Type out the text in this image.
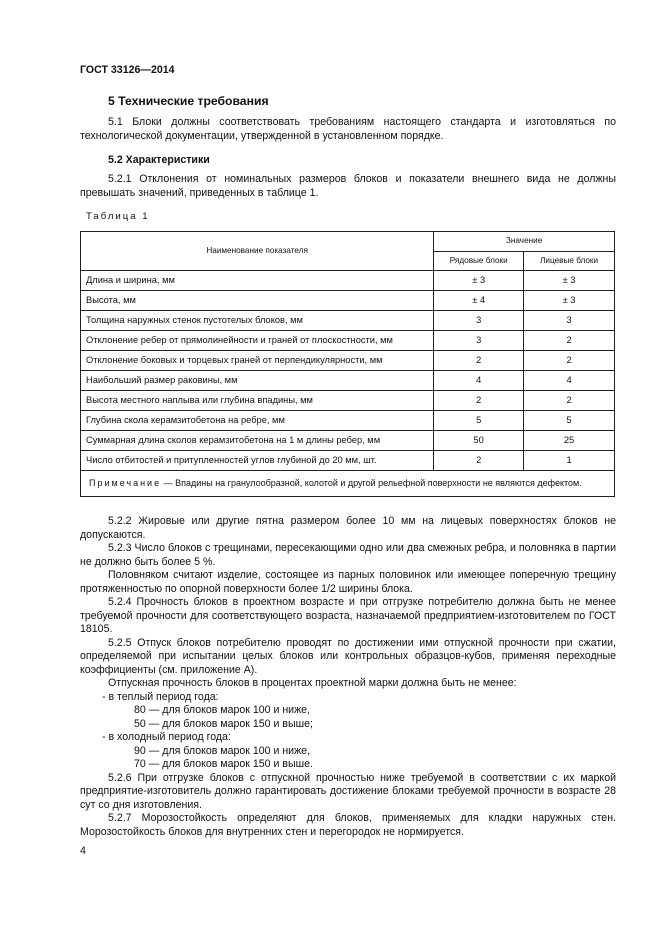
ГОСТ 33126—2014
5 Технические требования
5.1 Блоки должны соответствовать требованиям настоящего стандарта и изготовляться по технологической документации, утвержденной в установленном порядке.
5.2 Характеристики
5.2.1 Отклонения от номинальных размеров блоков и показатели внешнего вида не должны превышать значений, приведенных в таблице 1.
Таблица 1
Наименование показателя	Значение	
	Рядовые блоки	Лицевые блоки
Длина и ширина, мм	± 3	± 3
Высота, мм	± 4	± 3
Толщина наружных стенок пустотелых блоков, мм	3	3
Отклонение ребер от прямолинейности и граней от плоскостности, мм	3	2
Отклонение боковых и торцевых граней от перпендикулярности, мм	2	2
Наибольший размер раковины, мм	4	4
Высота местного наплыва или глубина впадины, мм	2	2
Глубина скола керамзитобетона на ребре, мм	5	5
Суммарная длина сколов керамзитобетона на 1 м длины ребер, мм	50	25
Число отбитостей и притупленностей углов глубиной до 20 мм, шт.	2	1
Примечание — Впадины на гранулообразной, колотой и другой рельефной поверхности не являются дефектом.		

5.2.2 Жировые или другие пятна размером более 10 мм на лицевых поверхностях блоков не допускаются.

5.2.3 Число блоков с трещинами, пересекающими одно или два смежных ребра, и половняка в партии не должно быть более 5 %.

Половняком считают изделие, состоящее из парных половинок или имеющее поперечную трещину протяженностью по опорной поверхности более 1/2 ширины блока.

5.2.4 Прочность блоков в проектном возрасте и при отгрузке потребителю должна быть не менее требуемой прочности для соответствующего возраста, назначаемой предприятием-изготовителем по ГОСТ 18105.

5.2.5 Отпуск блоков потребителю проводят по достижении ими отпускной прочности при сжатии, определяемой при испытании целых блоков или контрольных образцов-кубов, применяя переходные коэффициенты (см. приложение А).

Отпускная прочность блоков в процентах проектной марки должна быть не менее:

- в теплый период года:

80 — для блоков марок 100 и ниже,

50 — для блоков марок 150 и выше;

- в холодный период года:

90 — для блоков марок 100 и ниже,

70 — для блоков марок 150 и выше.

5.2.6 При отгрузке блоков с отпускной прочностью ниже требуемой в соответствии с их маркой предприятие-изготовитель должно гарантировать достижение блоками требуемой прочности в возрасте 28 сут со дня изготовления.

5.2.7 Морозостойкость определяют для блоков, применяемых для кладки наружных стен. Морозостойкость блоков для внутренних стен и перегородок не нормируется.

4
